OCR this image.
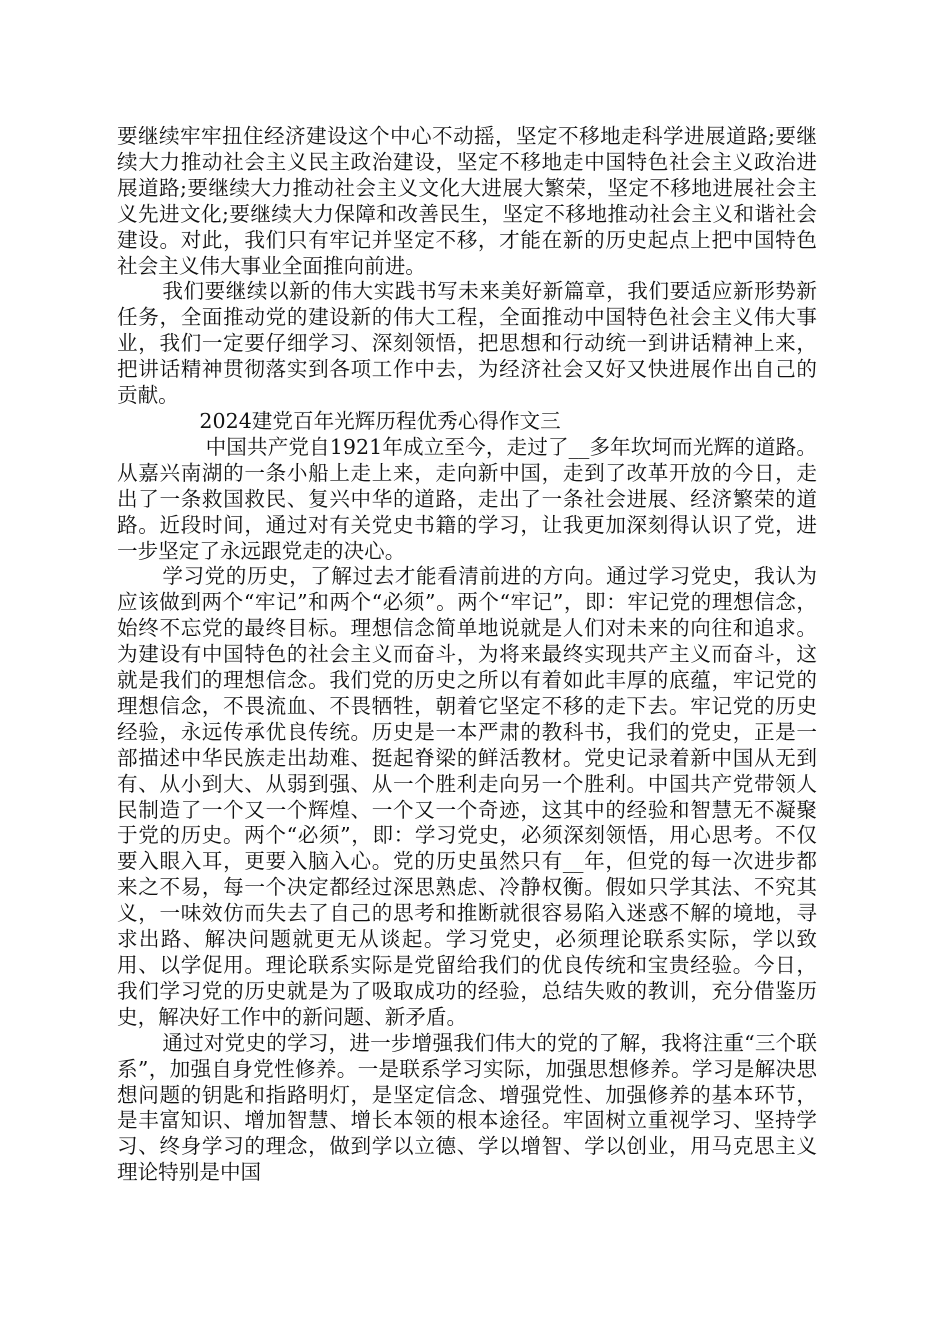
要继续牢牢扭住经济建设这个中心不动摇，坚定不移地走科学进展道路;要继续大力推动社会主义民主政治建设，坚定不移地走中国特色社会主义政治进展道路;要继续大力推动社会主义文化大进展大繁荣，坚定不移地进展社会主义先进文化;要继续大力保障和改善民生，坚定不移地推动社会主义和谐社会建设。对此，我们只有牢记并坚定不移，才能在新的历史起点上把中国特色社会主义伟大事业全面推向前进。

我们要继续以新的伟大实践书写未来美好新篇章，我们要适应新形势新任务，全面推动党的建设新的伟大工程，全面推动中国特色社会主义伟大事业，我们一定要仔细学习、深刻领悟，把思想和行动统一到讲话精神上来，把讲话精神贯彻落实到各项工作中去，为经济社会又好又快进展作出自己的贡献。

2024建党百年光辉历程优秀心得作文三

中国共产党自1921年成立至今，走过了__多年坎坷而光辉的道路。从嘉兴南湖的一条小船上走上来，走向新中国，走到了改革开放的今日，走出了一条救国救民、复兴中华的道路，走出了一条社会进展、经济繁荣的道路。近段时间，通过对有关党史书籍的学习，让我更加深刻得认识了党，进一步坚定了永远跟党走的决心。

学习党的历史，了解过去才能看清前进的方向。通过学习党史，我认为应该做到两个“牢记”和两个“必须”。两个“牢记”，即：牢记党的理想信念，始终不忘党的最终目标。理想信念简单地说就是人们对未来的向往和追求。为建设有中国特色的社会主义而奋斗，为将来最终实现共产主义而奋斗，这就是我们的理想信念。我们党的历史之所以有着如此丰厚的底蕴，牢记党的理想信念，不畏流血、不畏牺牲，朝着它坚定不移的走下去。牢记党的历史经验，永远传承优良传统。历史是一本严肃的教科书，我们的党史，正是一部描述中华民族走出劫难、挺起脊梁的鲜活教材。党史记录着新中国从无到有、从小到大、从弱到强、从一个胜利走向另一个胜利。中国共产党带领人民制造了一个又一个辉煌、一个又一个奇迹，这其中的经验和智慧无不凝聚于党的历史。两个“必须”，即：学习党史，必须深刻领悟，用心思考。不仅要入眼入耳，更要入脑入心。党的历史虽然只有__年，但党的每一次进步都来之不易，每一个决定都经过深思熟虑、冷静权衡。假如只学其法、不究其义，一味效仿而失去了自己的思考和推断就很容易陷入迷惑不解的境地，寻求出路、解决问题就更无从谈起。学习党史，必须理论联系实际，学以致用、以学促用。理论联系实际是党留给我们的优良传统和宝贵经验。今日，我们学习党的历史就是为了吸取成功的经验，总结失败的教训，充分借鉴历史，解决好工作中的新问题、新矛盾。

通过对党史的学习，进一步增强我们伟大的党的了解，我将注重“三个联系”，加强自身党性修养。一是联系学习实际，加强思想修养。学习是解决思想问题的钥匙和指路明灯，是坚定信念、增强党性、加强修养的基本环节，是丰富知识、增加智慧、增长本领的根本途径。牢固树立重视学习、坚持学习、终身学习的理念，做到学以立德、学以增智、学以创业，用马克思主义理论特别是中国
